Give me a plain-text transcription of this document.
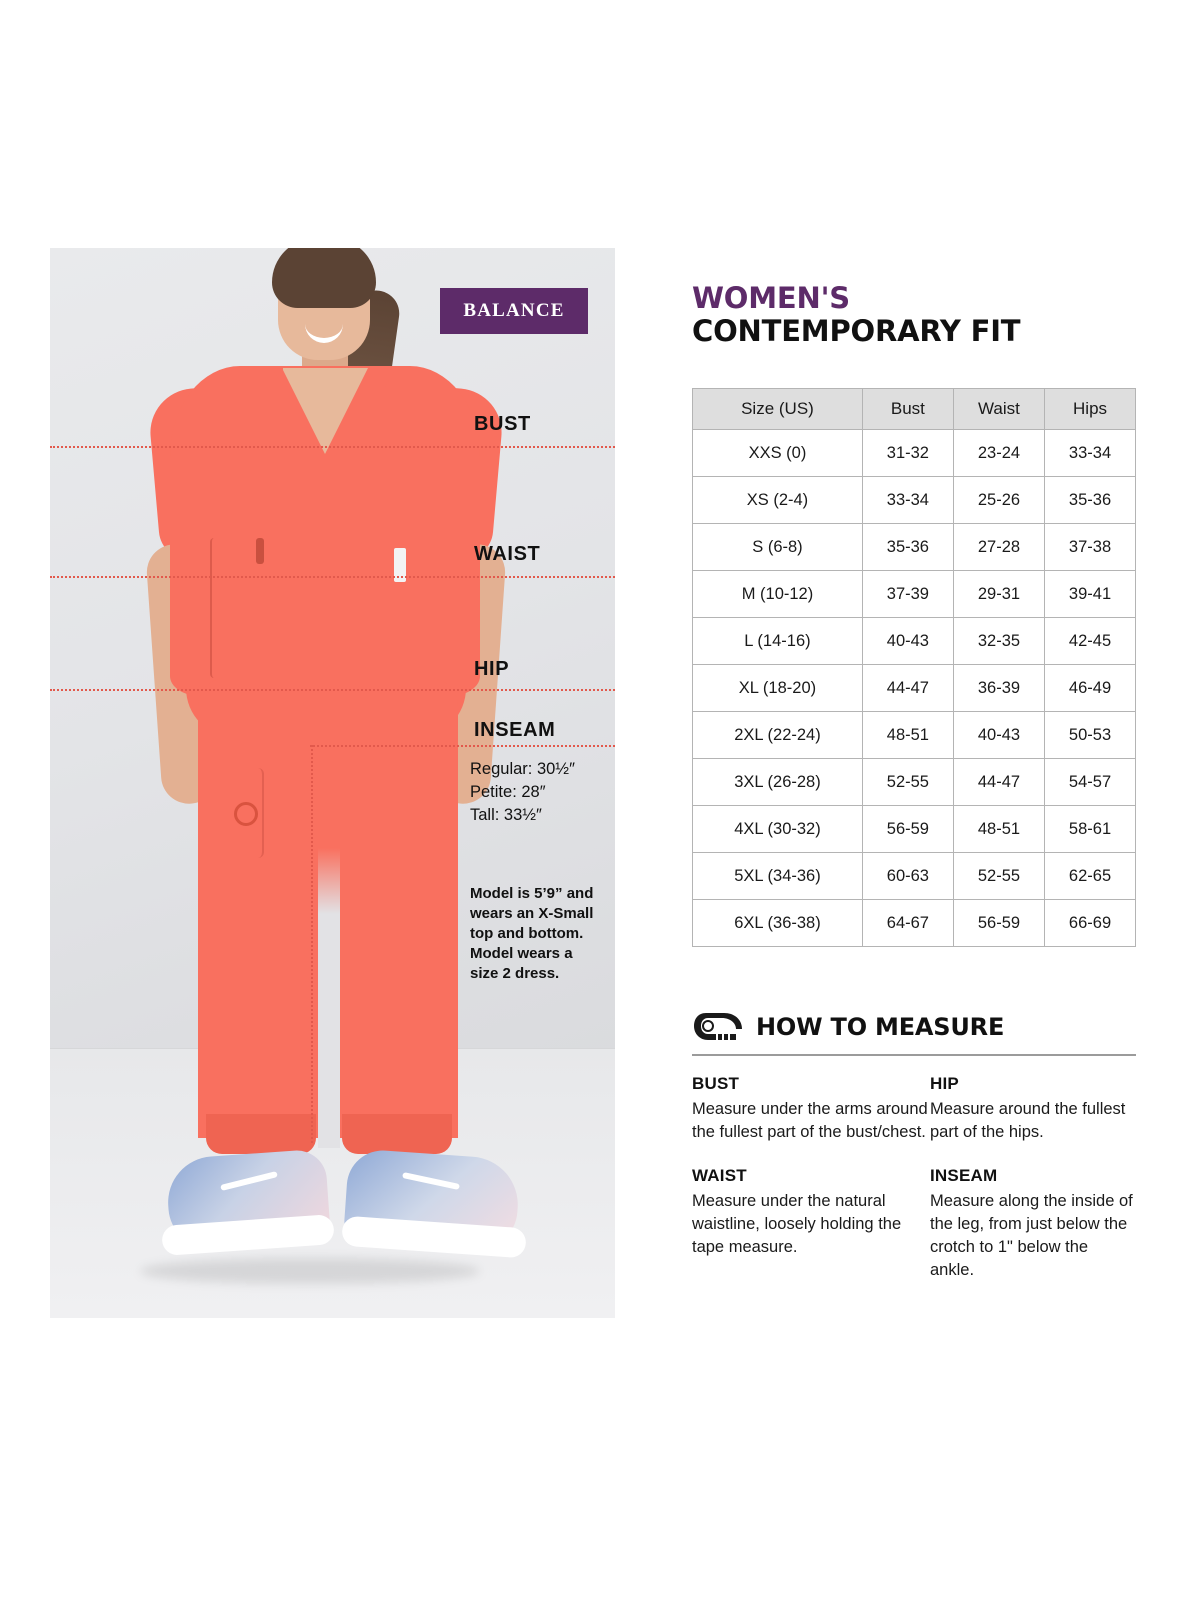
BALANCE
BUST
WAIST
HIP
INSEAM
Regular: 30½″
Petite: 28″
Tall: 33½″
Model is 5’9” and wears an X-Small top and bottom. Model wears a size 2 dress.
WOMEN'S
CONTEMPORARY FIT
Size (US)	Bust	Waist	Hips
XXS (0)	31-32	23-24	33-34
XS (2-4)	33-34	25-26	35-36
S (6-8)	35-36	27-28	37-38
M (10-12)	37-39	29-31	39-41
L (14-16)	40-43	32-35	42-45
XL (18-20)	44-47	36-39	46-49
2XL (22-24)	48-51	40-43	50-53
3XL (26-28)	52-55	44-47	54-57
4XL (30-32)	56-59	48-51	58-61
5XL (34-36)	60-63	52-55	62-65
6XL (36-38)	64-67	56-59	66-69
HOW TO MEASURE
BUST

Measure under the arms around the fullest part of the bust/chest.

HIP

Measure around the fullest part of the hips.

WAIST

Measure under the natural waistline, loosely holding the tape measure.

INSEAM

Measure along the inside of the leg, from just below the crotch to 1" below the ankle.
